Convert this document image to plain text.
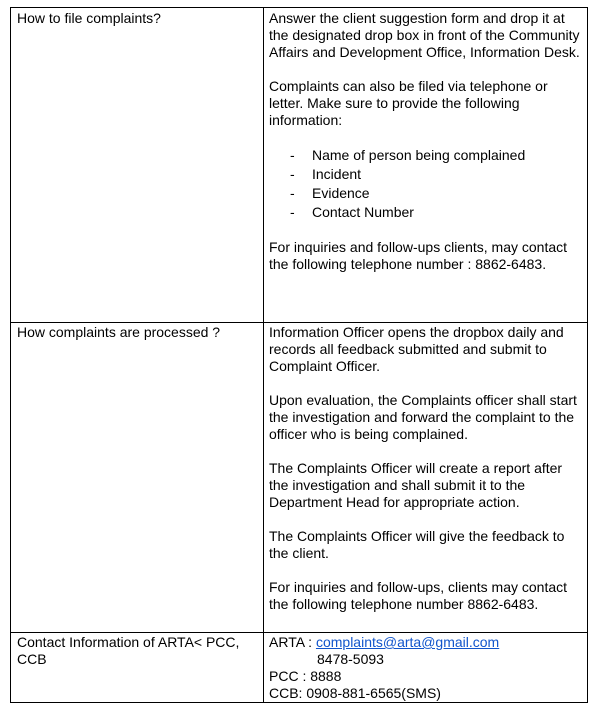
How to file complaints?	Answer the client suggestion form and drop it at the designated drop box in front of the Community Affairs and Development Office, Information Desk.

Complaints can also be filed via telephone or letter. Make sure to provide the following information:

- Name of person being complained
- Incident
- Evidence
- Contact Number

For inquiries and follow-ups clients, may contact the following telephone number : 8862-6483.

How complaints are processed ?	Information Officer opens the dropbox daily and records all feedback submitted and submit to Complaint Officer.

Upon evaluation, the Complaints officer shall start the investigation and forward the complaint to the officer who is being complained.

The Complaints Officer will create a report after the investigation and shall submit it to the Department Head for appropriate action.

The Complaints Officer will give the feedback to the client.

For inquiries and follow-ups, clients may contact the following telephone number 8862-6483.

Contact Information of ARTA< PCC, CCB
ARTA : complaints@arta@gmail.com
8478-5093
PCC : 8888
CCB: 0908-881-6565(SMS)
